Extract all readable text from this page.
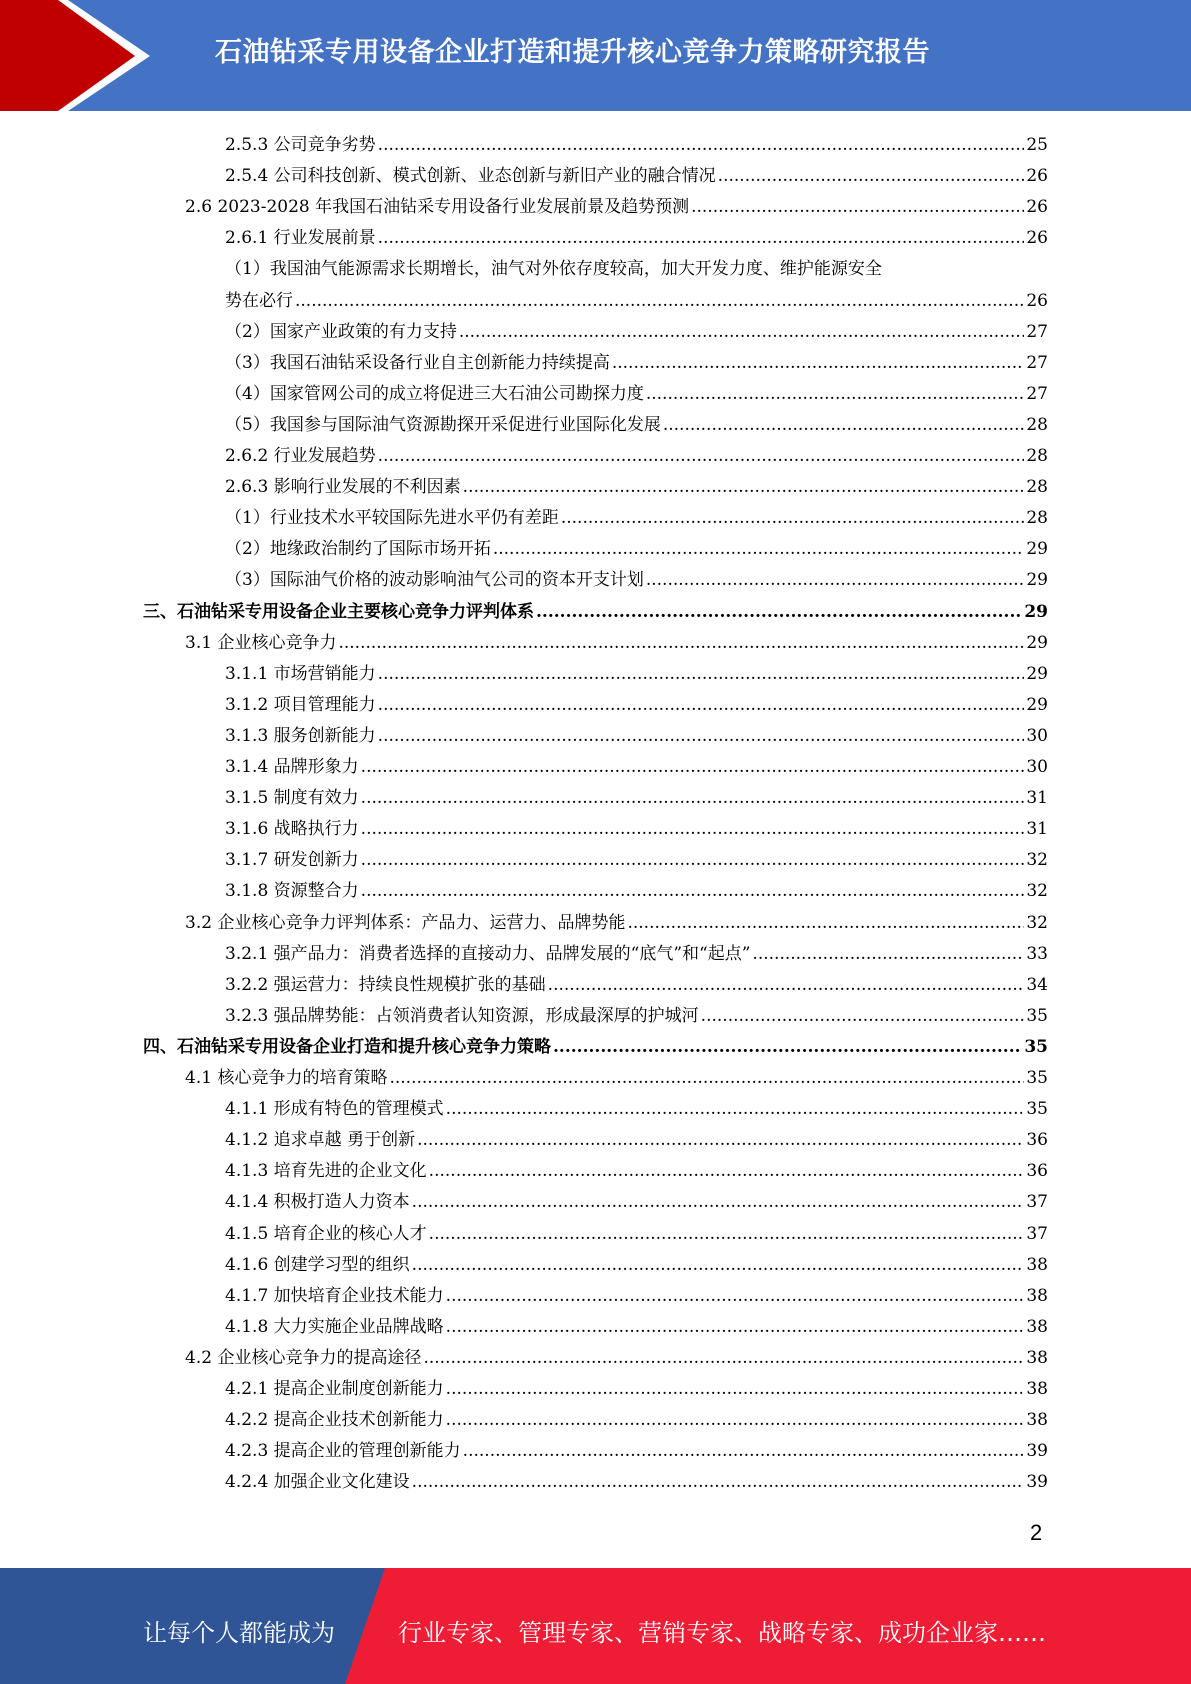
石油钻采专用设备企业打造和提升核心竞争力策略研究报告
2.5.3 公司竞争劣势 .....	25
2.5.4 公司科技创新、模式创新、业态创新与新旧产业的融合情况 .....	26
2.6 2023-2028 年我国石油钻采专用设备行业发展前景及趋势预测 .....	26
2.6.1 行业发展前景 .....	26
（1）我国油气能源需求长期增长，油气对外依存度较高，加大开发力度、维护能源安全
势在必行 .....	26
（2）国家产业政策的有力支持 .....	27
（3）我国石油钻采设备行业自主创新能力持续提高 .....	27
（4）国家管网公司的成立将促进三大石油公司勘探力度 .....	27
（5）我国参与国际油气资源勘探开采促进行业国际化发展 .....	28
2.6.2 行业发展趋势 .....	28
2.6.3 影响行业发展的不利因素 .....	28
（1）行业技术水平较国际先进水平仍有差距 .....	28
（2）地缘政治制约了国际市场开拓 .....	29
（3）国际油气价格的波动影响油气公司的资本开支计划 .....	29
三、石油钻采专用设备企业主要核心竞争力评判体系 .....	29
3.1 企业核心竞争力 .....	29
3.1.1 市场营销能力 .....	29
3.1.2 项目管理能力 .....	29
3.1.3 服务创新能力 .....	30
3.1.4 品牌形象力 .....	30
3.1.5 制度有效力 .....	31
3.1.6 战略执行力 .....	31
3.1.7 研发创新力 .....	32
3.1.8 资源整合力 .....	32
3.2 企业核心竞争力评判体系：产品力、运营力、品牌势能 .....	32
3.2.1 强产品力：消费者选择的直接动力、品牌发展的“底气”和“起点” .....	33
3.2.2 强运营力：持续良性规模扩张的基础 .....	34
3.2.3 强品牌势能：占领消费者认知资源，形成最深厚的护城河 .....	35
四、石油钻采专用设备企业打造和提升核心竞争力策略 .....	35
4.1 核心竞争力的培育策略 .....	35
4.1.1 形成有特色的管理模式 .....	35
4.1.2 追求卓越 勇于创新 .....	36
4.1.3 培育先进的企业文化 .....	36
4.1.4 积极打造人力资本 .....	37
4.1.5 培育企业的核心人才 .....	37
4.1.6 创建学习型的组织 .....	38
4.1.7 加快培育企业技术能力 .....	38
4.1.8 大力实施企业品牌战略 .....	38
4.2 企业核心竞争力的提高途径 .....	38
4.2.1 提高企业制度创新能力 .....	38
4.2.2 提高企业技术创新能力 .....	38
4.2.3 提高企业的管理创新能力 .....	39
4.2.4 加强企业文化建设 .....	39
2
让每个人都能成为	行业专家、管理专家、营销专家、战略专家、成功企业家……
